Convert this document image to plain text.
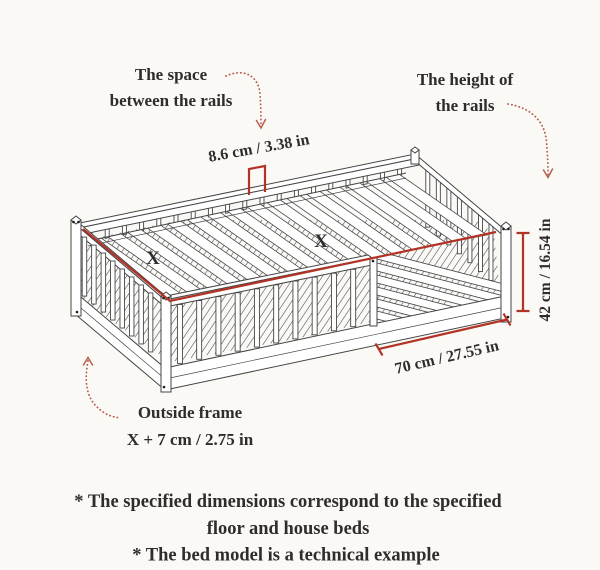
The space
between the rails
The height of
the rails
8.6 cm / 3.38 in
42 cm / 16.54 in
70 cm / 27.55 in
X
X
Outside frame
X + 7 cm / 2.75 in
* The specified dimensions correspond to the specified
floor and house beds
* The bed model is a technical example
